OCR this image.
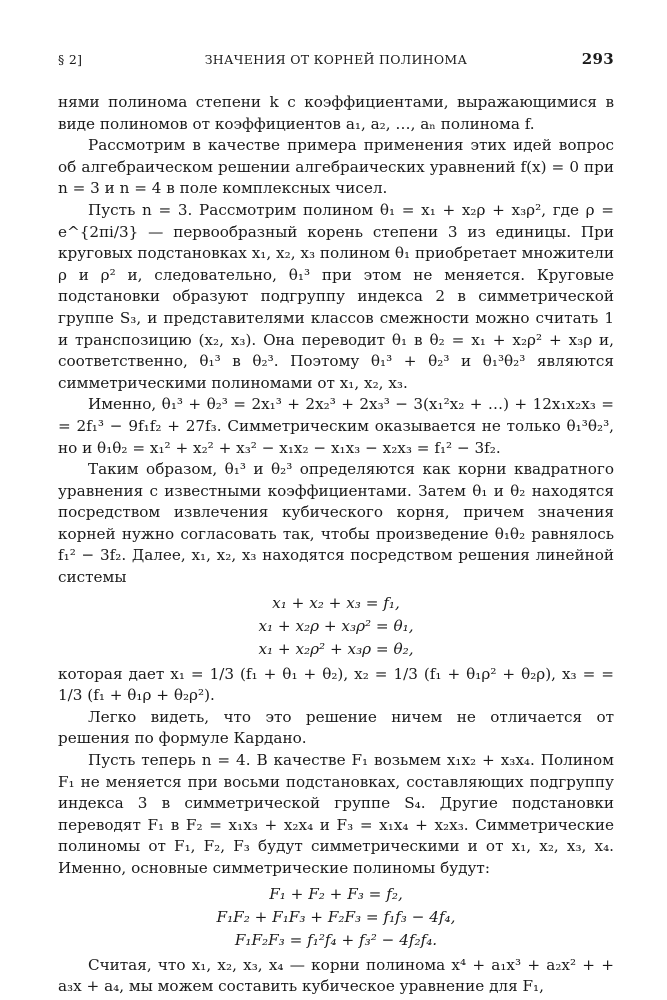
§ 2]	ЗНАЧЕНИЯ ОТ КОРНЕЙ ПОЛИНОМА	293

нями полинома степени k с коэффициентами, выражающимися в виде полиномов от коэффициентов a₁, a₂, …, aₙ полинома f.

Рассмотрим в качестве примера применения этих идей вопрос об алгебраическом решении алгебраических уравнений f(x) = 0 при n = 3 и n = 4 в поле комплексных чисел.

Пусть n = 3. Рассмотрим полином θ₁ = x₁ + x₂ρ + x₃ρ², где ρ = e^{2πi/3} — первообразный корень степени 3 из единицы. При круговых подстановках x₁, x₂, x₃ полином θ₁ приобретает множители ρ и ρ² и, следовательно, θ₁³ при этом не меняется. Круговые подстановки образуют подгруппу индекса 2 в симметрической группе S₃, и представителями классов смежности можно считать 1 и транспозицию (x₂, x₃). Она переводит θ₁ в θ₂ = x₁ + x₂ρ² + x₃ρ и, соответственно, θ₁³ в θ₂³. Поэтому θ₁³ + θ₂³ и θ₁³θ₂³ являются симметрическими полиномами от x₁, x₂, x₃.

Именно, θ₁³ + θ₂³ = 2x₁³ + 2x₂³ + 2x₃³ − 3(x₁²x₂ + …) + 12x₁x₂x₃ = = 2f₁³ − 9f₁f₂ + 27f₃. Симметрическим оказывается не только θ₁³θ₂³, но и θ₁θ₂ = x₁² + x₂² + x₃² − x₁x₂ − x₁x₃ − x₂x₃ = f₁² − 3f₂.

Таким образом, θ₁³ и θ₂³ определяются как корни квадратного уравнения с известными коэффициентами. Затем θ₁ и θ₂ находятся посредством извлечения кубического корня, причем значения корней нужно согласовать так, чтобы произведение θ₁θ₂ равнялось f₁² − 3f₂. Далее, x₁, x₂, x₃ находятся посредством решения линейной системы

x₁ + x₂ + x₃ = f₁,
x₁ + x₂ρ + x₃ρ² = θ₁,
x₁ + x₂ρ² + x₃ρ = θ₂,

которая дает x₁ = 1/3 (f₁ + θ₁ + θ₂), x₂ = 1/3 (f₁ + θ₁ρ² + θ₂ρ), x₃ = = 1/3 (f₁ + θ₁ρ + θ₂ρ²).

Легко видеть, что это решение ничем не отличается от решения по формуле Кардано.

Пусть теперь n = 4. В качестве F₁ возьмем x₁x₂ + x₃x₄. Полином F₁ не меняется при восьми подстановках, составляющих подгруппу индекса 3 в симметрической группе S₄. Другие подстановки переводят F₁ в F₂ = x₁x₃ + x₂x₄ и F₃ = x₁x₄ + x₂x₃. Симметрические полиномы от F₁, F₂, F₃ будут симметрическими и от x₁, x₂, x₃, x₄. Именно, основные симметрические полиномы будут:

F₁ + F₂ + F₃ = f₂,
F₁F₂ + F₁F₃ + F₂F₃ = f₁f₃ − 4f₄,
F₁F₂F₃ = f₁²f₄ + f₃² − 4f₂f₄.

Считая, что x₁, x₂, x₃, x₄ — корни полинома x⁴ + a₁x³ + a₂x² + + a₃x + a₄, мы можем составить кубическое уравнение для F₁,
